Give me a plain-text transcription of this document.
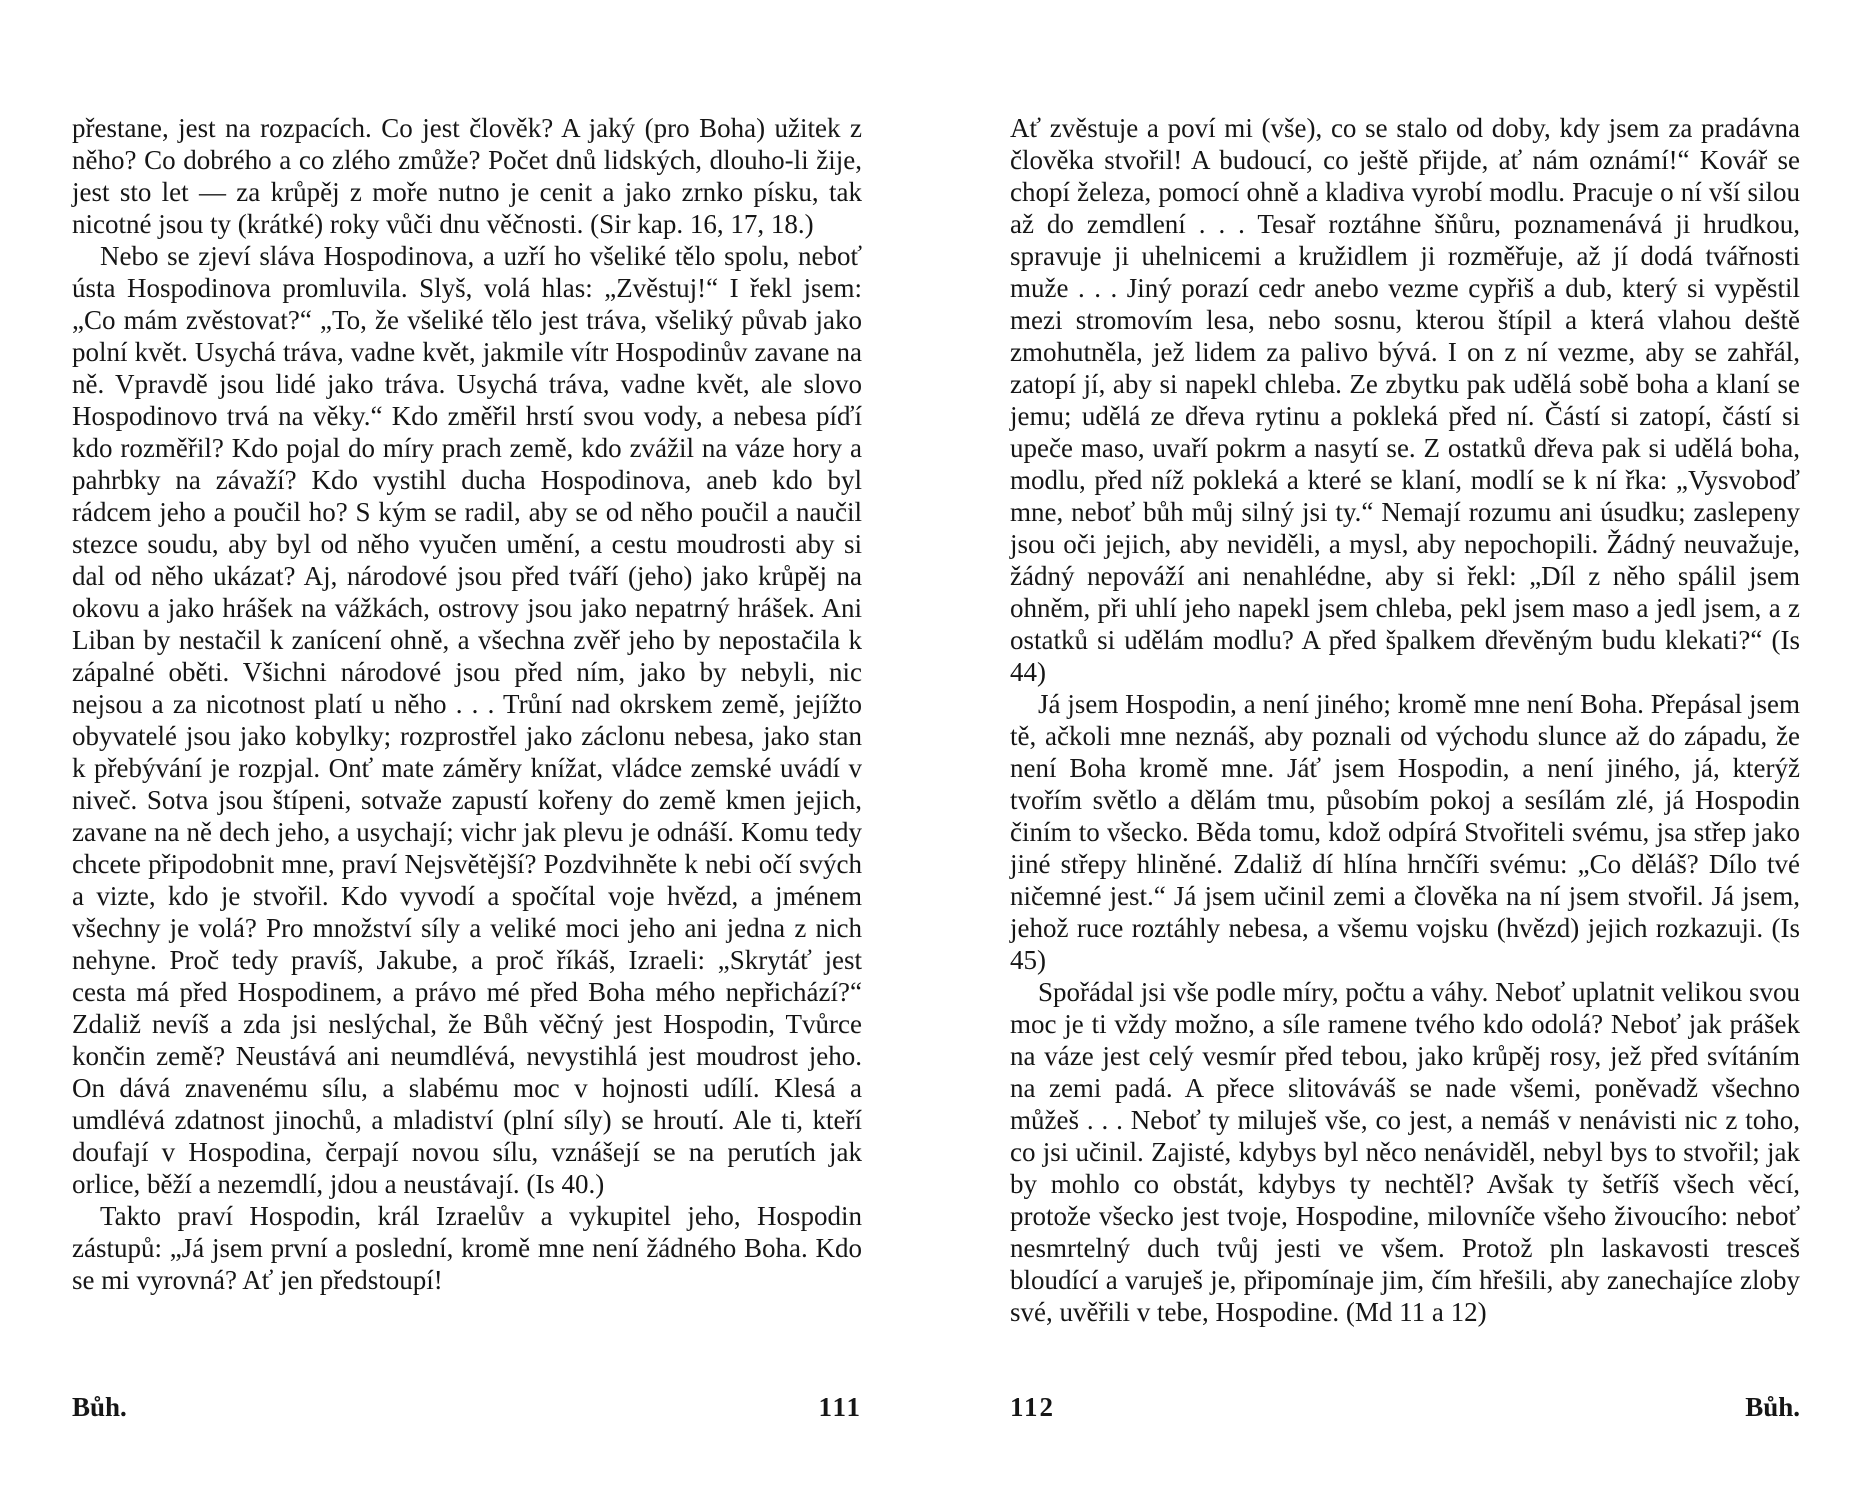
přestane, jest na rozpacích. Co jest člověk? A jaký (pro Boha) užitek z něho? Co dobrého a co zlého zmůže? Počet dnů lidských, dlouho-li žije, jest sto let — za krůpěj z moře nutno je cenit a jako zrnko písku, tak nicotné jsou ty (krátké) roky vůči dnu věčnosti. (Sir kap. 16, 17, 18.)

Nebo se zjeví sláva Hospodinova, a uzří ho všeliké tělo spolu, neboť ústa Hospodinova promluvila. Slyš, volá hlas: „Zvěstuj!“ I řekl jsem: „Co mám zvěstovat?“ „To, že všeliké tělo jest tráva, všeliký půvab jako polní květ. Usychá tráva, vadne květ, jakmile vítr Hospodinův zavane na ně. Vpravdě jsou lidé jako tráva. Usychá tráva, vadne květ, ale slovo Hospodinovo trvá na věky.“ Kdo změřil hrstí svou vody, a nebesa píďí kdo rozměřil? Kdo pojal do míry prach země, kdo zvážil na váze hory a pahrbky na závaží? Kdo vystihl ducha Hospodinova, aneb kdo byl rádcem jeho a poučil ho? S kým se radil, aby se od něho poučil a naučil stezce soudu, aby byl od něho vyučen umění, a cestu moudrosti aby si dal od něho ukázat? Aj, národové jsou před tváří (jeho) jako krůpěj na okovu a jako hrášek na vážkách, ostrovy jsou jako nepatrný hrášek. Ani Liban by nestačil k zanícení ohně, a všechna zvěř jeho by nepostačila k zápalné oběti. Všichni národové jsou před ním, jako by nebyli, nic nejsou a za nicotnost platí u něho . . . Trůní nad okrskem země, jejížto obyvatelé jsou jako kobylky; rozprostřel jako záclonu nebesa, jako stan k přebývání je rozpjal. Onť mate záměry knížat, vládce zemské uvádí v niveč. Sotva jsou štípeni, sotvaže zapustí kořeny do země kmen jejich, zavane na ně dech jeho, a usychají; vichr jak plevu je odnáší. Komu tedy chcete připodobnit mne, praví Nejsvětější? Pozdvihněte k nebi očí svých a vizte, kdo je stvořil. Kdo vyvodí a spočítal voje hvězd, a jménem všechny je volá? Pro množství síly a veliké moci jeho ani jedna z nich nehyne. Proč tedy pravíš, Jakube, a proč říkáš, Izraeli: „Skrytáť jest cesta má před Hospodinem, a právo mé před Boha mého nepřichází?“ Zdaliž nevíš a zda jsi neslýchal, že Bůh věčný jest Hospodin, Tvůrce končin země? Neustává ani neumdlévá, nevystihlá jest moudrost jeho. On dává znavenému sílu, a slabému moc v hojnosti udílí. Klesá a umdlévá zdatnost jinochů, a mladiství (plní síly) se hroutí. Ale ti, kteří doufají v Hospodina, čerpají novou sílu, vznášejí se na perutích jak orlice, běží a nezemdlí, jdou a neustávají. (Is 40.)

Takto praví Hospodin, král Izraelův a vykupitel jeho, Hospodin zástupů: „Já jsem první a poslední, kromě mne není žádného Boha. Kdo se mi vyrovná? Ať jen předstoupí!

Bůh.	111

Ať zvěstuje a poví mi (vše), co se stalo od doby, kdy jsem za pradávna člověka stvořil! A budoucí, co ještě přijde, ať nám oznámí!“ Kovář se chopí železa, pomocí ohně a kladiva vyrobí modlu. Pracuje o ní vší silou až do zemdlení . . . Tesař roztáhne šňůru, poznamenává ji hrudkou, spravuje ji uhelnicemi a kružidlem ji rozměřuje, až jí dodá tvářnosti muže . . . Jiný porazí cedr anebo vezme cypřiš a dub, který si vypěstil mezi stromovím lesa, nebo sosnu, kterou štípil a která vlahou deště zmohutněla, jež lidem za palivo bývá. I on z ní vezme, aby se zahřál, zatopí jí, aby si napekl chleba. Ze zbytku pak udělá sobě boha a klaní se jemu; udělá ze dřeva rytinu a pokleká před ní. Částí si zatopí, částí si upeče maso, uvaří pokrm a nasytí se. Z ostatků dřeva pak si udělá boha, modlu, před níž pokleká a které se klaní, modlí se k ní řka: „Vysvoboď mne, neboť bůh můj silný jsi ty.“ Nemají rozumu ani úsudku; zaslepeny jsou oči jejich, aby neviděli, a mysl, aby nepochopili. Žádný neuvažuje, žádný nepováží ani nenahlédne, aby si řekl: „Díl z něho spálil jsem ohněm, při uhlí jeho napekl jsem chleba, pekl jsem maso a jedl jsem, a z ostatků si udělám modlu? A před špalkem dřevěným budu klekati?“ (Is 44)

Já jsem Hospodin, a není jiného; kromě mne není Boha. Přepásal jsem tě, ačkoli mne neznáš, aby poznali od východu slunce až do západu, že není Boha kromě mne. Jáť jsem Hospodin, a není jiného, já, kterýž tvořím světlo a dělám tmu, působím pokoj a sesílám zlé, já Hospodin činím to všecko. Běda tomu, kdož odpírá Stvořiteli svému, jsa střep jako jiné střepy hliněné. Zdaliž dí hlína hrnčíři svému: „Co děláš? Dílo tvé ničemné jest.“ Já jsem učinil zemi a člověka na ní jsem stvořil. Já jsem, jehož ruce roztáhly nebesa, a všemu vojsku (hvězd) jejich rozkazuji. (Is 45)

Spořádal jsi vše podle míry, počtu a váhy. Neboť uplatnit velikou svou moc je ti vždy možno, a síle ramene tvého kdo odolá? Neboť jak prášek na váze jest celý vesmír před tebou, jako krůpěj rosy, jež před svítáním na zemi padá. A přece slitováváš se nade všemi, poněvadž všechno můžeš . . . Neboť ty miluješ vše, co jest, a nemáš v nenávisti nic z toho, co jsi učinil. Zajisté, kdybys byl něco nenáviděl, nebyl bys to stvořil; jak by mohlo co obstát, kdybys ty nechtěl? Avšak ty šetříš všech věcí, protože všecko jest tvoje, Hospodine, milovníče všeho živoucího: neboť nesmrtelný duch tvůj jesti ve všem. Protož pln laskavosti tresceš bloudící a varuješ je, připomínaje jim, čím hřešili, aby zanechajíce zloby své, uvěřili v tebe, Hospodine. (Md 11 a 12)

112	Bůh.
